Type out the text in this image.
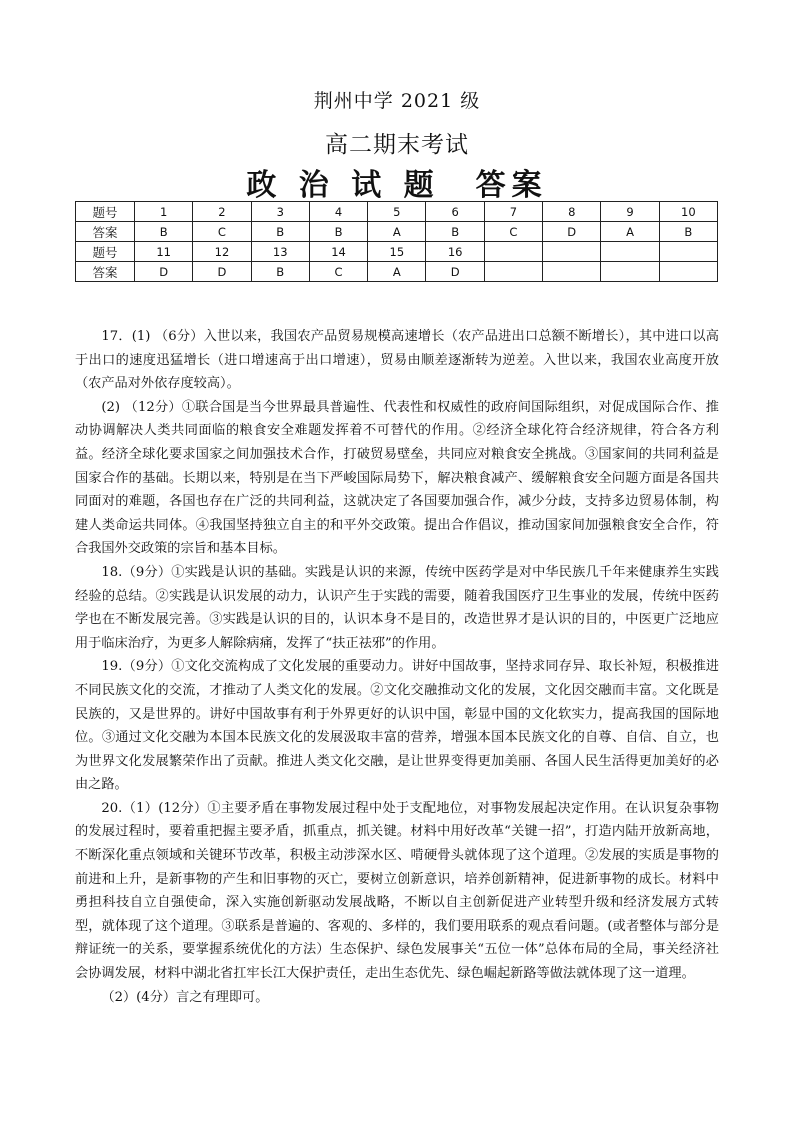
荆州中学 2021 级
高二期末考试
政 治 试 题　答案
题号	1	2	3	4	5	6	7	8	9	10
答案	B	C	B	B	A	B	C	D	A	B
题号	11	12	13	14	15	16				
答案	D	D	B	C	A	D				

17．(1) （6分）入世以来，我国农产品贸易规模高速增长（农产品进出口总额不断增长），其中进口以高于出口的速度迅猛增长（进口增速高于出口增速），贸易由顺差逐渐转为逆差。入世以来，我国农业高度开放（农产品对外依存度较高）。

(2) （12分）①联合国是当今世界最具普遍性、代表性和权威性的政府间国际组织，对促成国际合作、推动协调解决人类共同面临的粮食安全难题发挥着不可替代的作用。②经济全球化符合经济规律，符合各方利益。经济全球化要求国家之间加强技术合作，打破贸易壁垒，共同应对粮食安全挑战。③国家间的共同利益是国家合作的基础。长期以来，特别是在当下严峻国际局势下，解决粮食减产、缓解粮食安全问题方面是各国共同面对的难题，各国也存在广泛的共同利益，这就决定了各国要加强合作，减少分歧，支持多边贸易体制，构建人类命运共同体。④我国坚持独立自主的和平外交政策。提出合作倡议，推动国家间加强粮食安全合作，符合我国外交政策的宗旨和基本目标。

18.（9分）①实践是认识的基础。实践是认识的来源，传统中医药学是对中华民族几千年来健康养生实践经验的总结。②实践是认识发展的动力，认识产生于实践的需要，随着我国医疗卫生事业的发展，传统中医药学也在不断发展完善。③实践是认识的目的，认识本身不是目的，改造世界才是认识的目的，中医更广泛地应用于临床治疗，为更多人解除病痛，发挥了“扶正祛邪”的作用。

19.（9分）①文化交流构成了文化发展的重要动力。讲好中国故事，坚持求同存异、取长补短，积极推进不同民族文化的交流，才推动了人类文化的发展。②文化交融推动文化的发展，文化因交融而丰富。文化既是民族的，又是世界的。讲好中国故事有利于外界更好的认识中国，彰显中国的文化软实力，提高我国的国际地位。③通过文化交融为本国本民族文化的发展汲取丰富的营养，增强本国本民族文化的自尊、自信、自立，也为世界文化发展繁荣作出了贡献。推进人类文化交融，是让世界变得更加美丽、各国人民生活得更加美好的必由之路。

20.（1）(12分）①主要矛盾在事物发展过程中处于支配地位，对事物发展起决定作用。在认识复杂事物的发展过程时，要着重把握主要矛盾，抓重点，抓关键。材料中用好改革“关键一招”，打造内陆开放新高地，不断深化重点领域和关键环节改革，积极主动涉深水区、啃硬骨头就体现了这个道理。②发展的实质是事物的前进和上升，是新事物的产生和旧事物的灭亡，要树立创新意识，培养创新精神，促进新事物的成长。材料中勇担科技自立自强使命，深入实施创新驱动发展战略，不断以自主创新促进产业转型升级和经济发展方式转型，就体现了这个道理。③联系是普遍的、客观的、多样的，我们要用联系的观点看问题。(或者整体与部分是辩证统一的关系，要掌握系统优化的方法）生态保护、绿色发展事关“五位一体”总体布局的全局，事关经济社会协调发展，材料中湖北省扛牢长江大保护责任，走出生态优先、绿色崛起新路等做法就体现了这一道理。

（2）(4分）言之有理即可。
